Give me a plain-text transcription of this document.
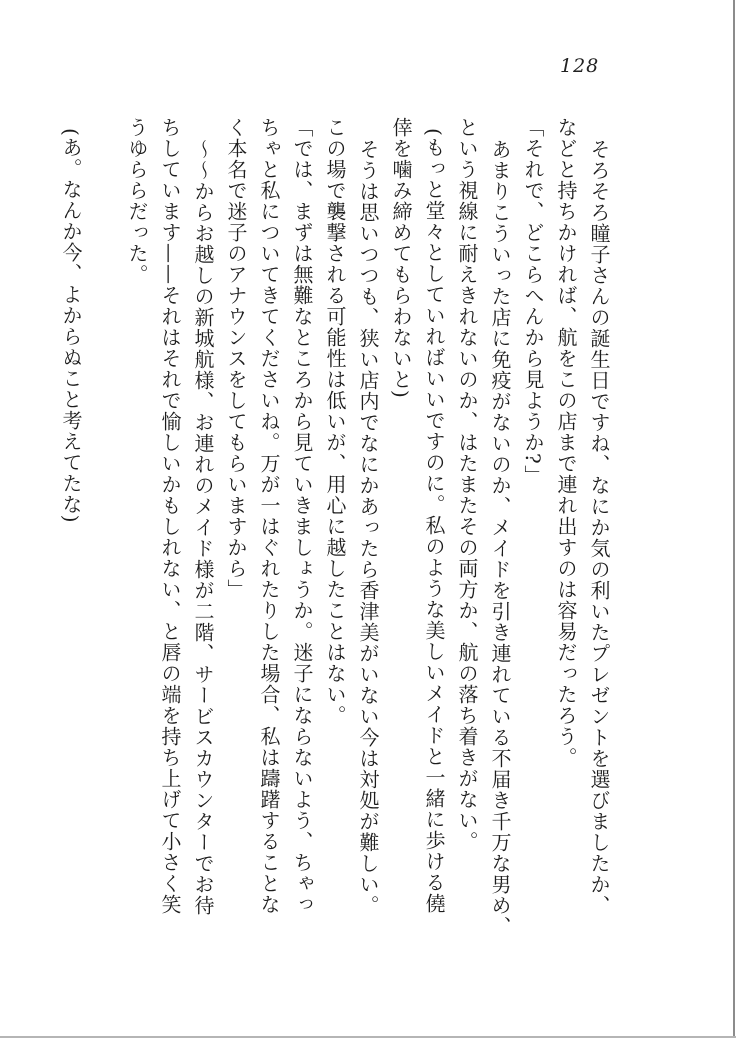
128

そろそろ瞳子さんの誕生日ですね、なにか気の利いたプレゼントを選びましたか、

などと持ちかければ、航をこの店まで連れ出すのは容易だったろう。

「それで、どこらへんから見ようか?」

あまりこういった店に免疫がないのか、メイドを引き連れている不届き千万な男め、

という視線に耐えきれないのか、はたまたその両方か、航の落ち着きがない。

(もっと堂々としていればいいですのに。私のような美しいメイドと一緒に歩ける僥

倖を噛み締めてもらわないと)

そうは思いつつも、狭い店内でなにかあったら香津美がいない今は対処が難しい。

この場で襲撃される可能性は低いが、用心に越したことはない。

「では、まずは無難なところから見ていきましょうか。迷子にならないよう、ちゃっ

ちゃと私についてきてくださいね。万が一はぐれたりした場合、私は躊躇することな

く本名で迷子のアナウンスをしてもらいますから」

〜〜からお越しの新城航様、お連れのメイド様が二階、サービスカウンターでお待

ちしています——それはそれで愉しいかもしれない、と唇の端を持ち上げて小さく笑

うゆららだった。

(あ。なんか今、よからぬこと考えてたな)
